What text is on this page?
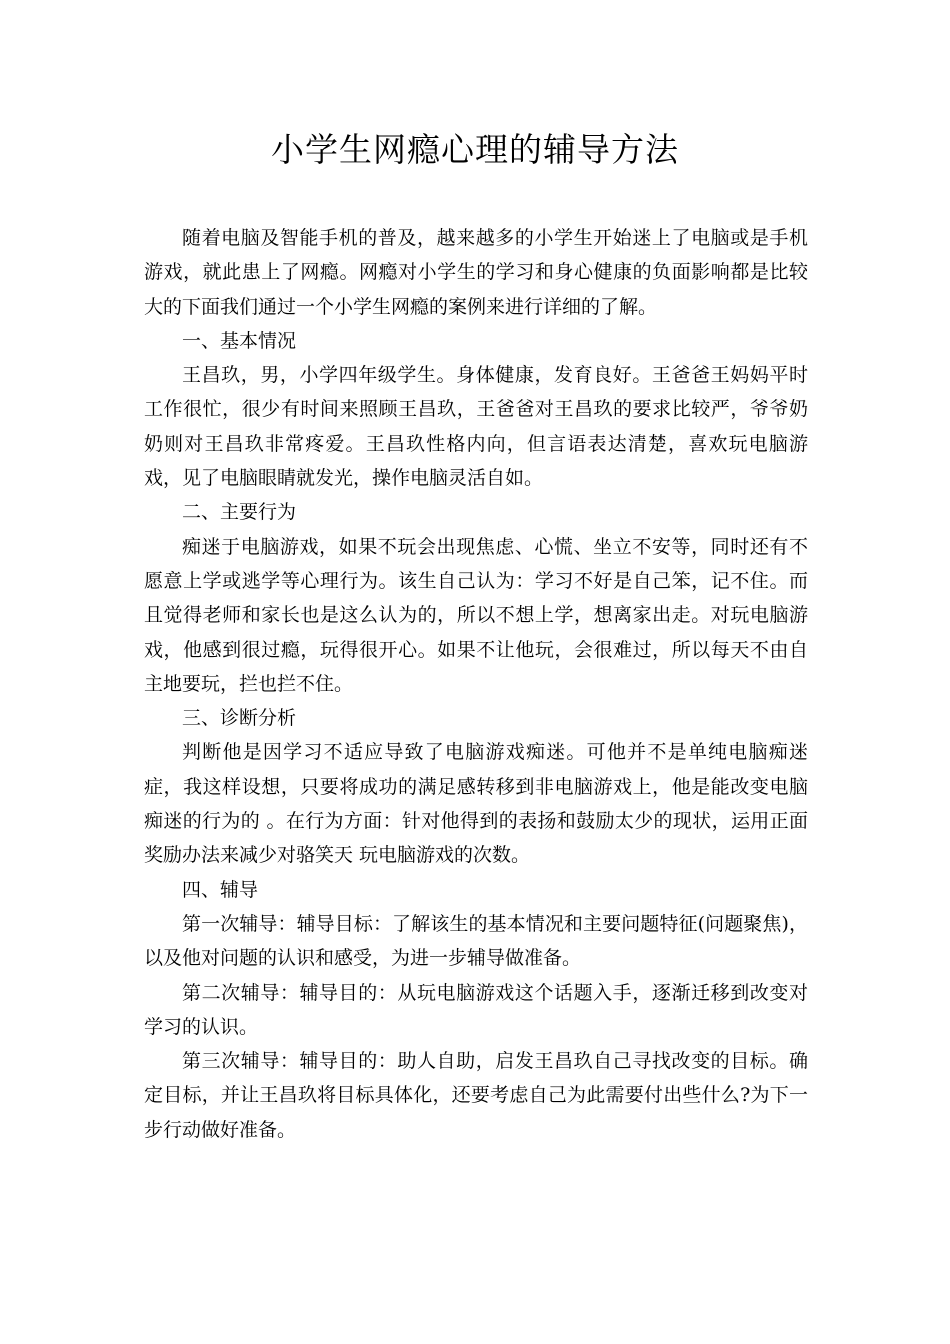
小学生网瘾心理的辅导方法

随着电脑及智能手机的普及，越来越多的小学生开始迷上了电脑或是手机游戏，就此患上了网瘾。网瘾对小学生的学习和身心健康的负面影响都是比较大的下面我们通过一个小学生网瘾的案例来进行详细的了解。

一、基本情况

王昌玖，男，小学四年级学生。身体健康，发育良好。王爸爸王妈妈平时工作很忙，很少有时间来照顾王昌玖，王爸爸对王昌玖的要求比较严，爷爷奶奶则对王昌玖非常疼爱。王昌玖性格内向，但言语表达清楚，喜欢玩电脑游戏，见了电脑眼睛就发光，操作电脑灵活自如。

二、主要行为

痴迷于电脑游戏，如果不玩会出现焦虑、心慌、坐立不安等，同时还有不愿意上学或逃学等心理行为。该生自己认为：学习不好是自己笨，记不住。而且觉得老师和家长也是这么认为的，所以不想上学，想离家出走。对玩电脑游戏，他感到很过瘾，玩得很开心。如果不让他玩，会很难过，所以每天不由自主地要玩，拦也拦不住。

三、诊断分析

判断他是因学习不适应导致了电脑游戏痴迷。可他并不是单纯电脑痴迷症，我这样设想，只要将成功的满足感转移到非电脑游戏上，他是能改变电脑痴迷的行为的 。在行为方面：针对他得到的表扬和鼓励太少的现状，运用正面奖励办法来减少对骆笑天 玩电脑游戏的次数。

四、辅导

第一次辅导：辅导目标：了解该生的基本情况和主要问题特征(问题聚焦)，以及他对问题的认识和感受，为进一步辅导做准备。

第二次辅导：辅导目的：从玩电脑游戏这个话题入手，逐渐迁移到改变对学习的认识。

第三次辅导：辅导目的：助人自助，启发王昌玖自己寻找改变的目标。确定目标，并让王昌玖将目标具体化，还要考虑自己为此需要付出些什么?为下一步行动做好准备。
